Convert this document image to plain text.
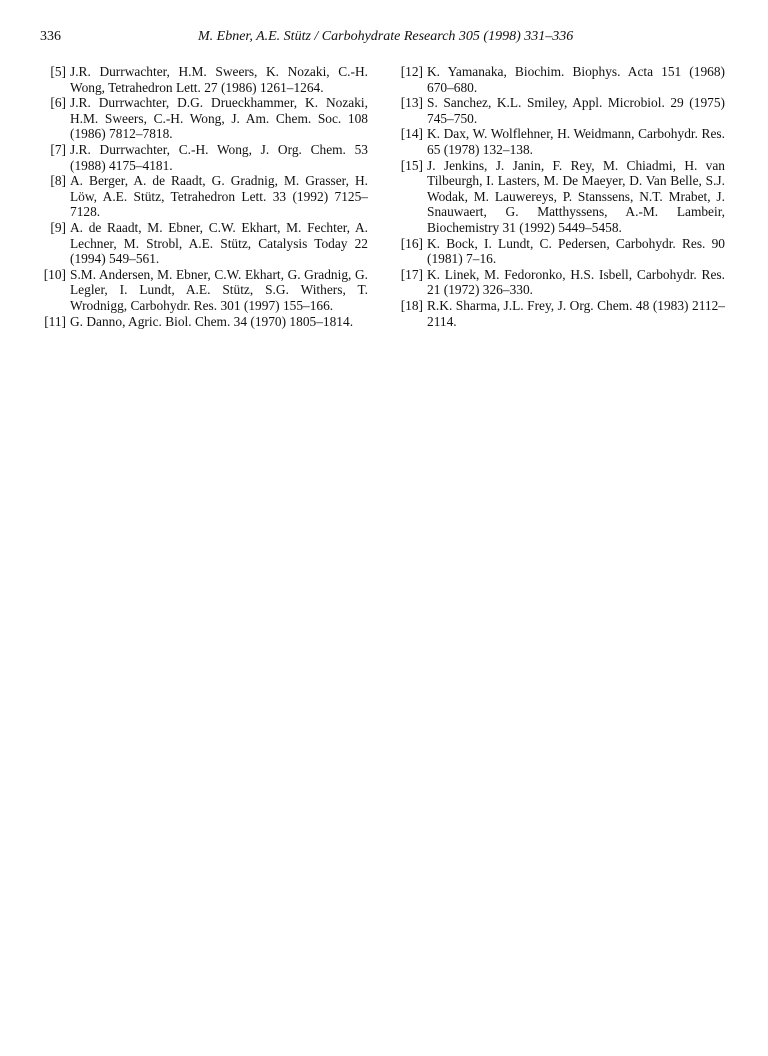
336	M. Ebner, A.E. Stütz / Carbohydrate Research 305 (1998) 331–336
[5] J.R. Durrwachter, H.M. Sweers, K. Nozaki, C.-H. Wong, Tetrahedron Lett. 27 (1986) 1261–1264.
[6] J.R. Durrwachter, D.G. Drueckhammer, K. Nozaki, H.M. Sweers, C.-H. Wong, J. Am. Chem. Soc. 108 (1986) 7812–7818.
[7] J.R. Durrwachter, C.-H. Wong, J. Org. Chem. 53 (1988) 4175–4181.
[8] A. Berger, A. de Raadt, G. Gradnig, M. Grasser, H. Löw, A.E. Stütz, Tetrahedron Lett. 33 (1992) 7125–7128.
[9] A. de Raadt, M. Ebner, C.W. Ekhart, M. Fechter, A. Lechner, M. Strobl, A.E. Stütz, Catalysis Today 22 (1994) 549–561.
[10] S.M. Andersen, M. Ebner, C.W. Ekhart, G. Gradnig, G. Legler, I. Lundt, A.E. Stütz, S.G. Withers, T. Wrodnigg, Carbohydr. Res. 301 (1997) 155–166.
[11] G. Danno, Agric. Biol. Chem. 34 (1970) 1805–1814.
[12] K. Yamanaka, Biochim. Biophys. Acta 151 (1968) 670–680.
[13] S. Sanchez, K.L. Smiley, Appl. Microbiol. 29 (1975) 745–750.
[14] K. Dax, W. Wolflehner, H. Weidmann, Carbohydr. Res. 65 (1978) 132–138.
[15] J. Jenkins, J. Janin, F. Rey, M. Chiadmi, H. van Tilbeurgh, I. Lasters, M. De Maeyer, D. Van Belle, S.J. Wodak, M. Lauwereys, P. Stanssens, N.T. Mrabet, J. Snauwaert, G. Matthyssens, A.-M. Lambeir, Biochemistry 31 (1992) 5449–5458.
[16] K. Bock, I. Lundt, C. Pedersen, Carbohydr. Res. 90 (1981) 7–16.
[17] K. Linek, M. Fedoronko, H.S. Isbell, Carbohydr. Res. 21 (1972) 326–330.
[18] R.K. Sharma, J.L. Frey, J. Org. Chem. 48 (1983) 2112–2114.
